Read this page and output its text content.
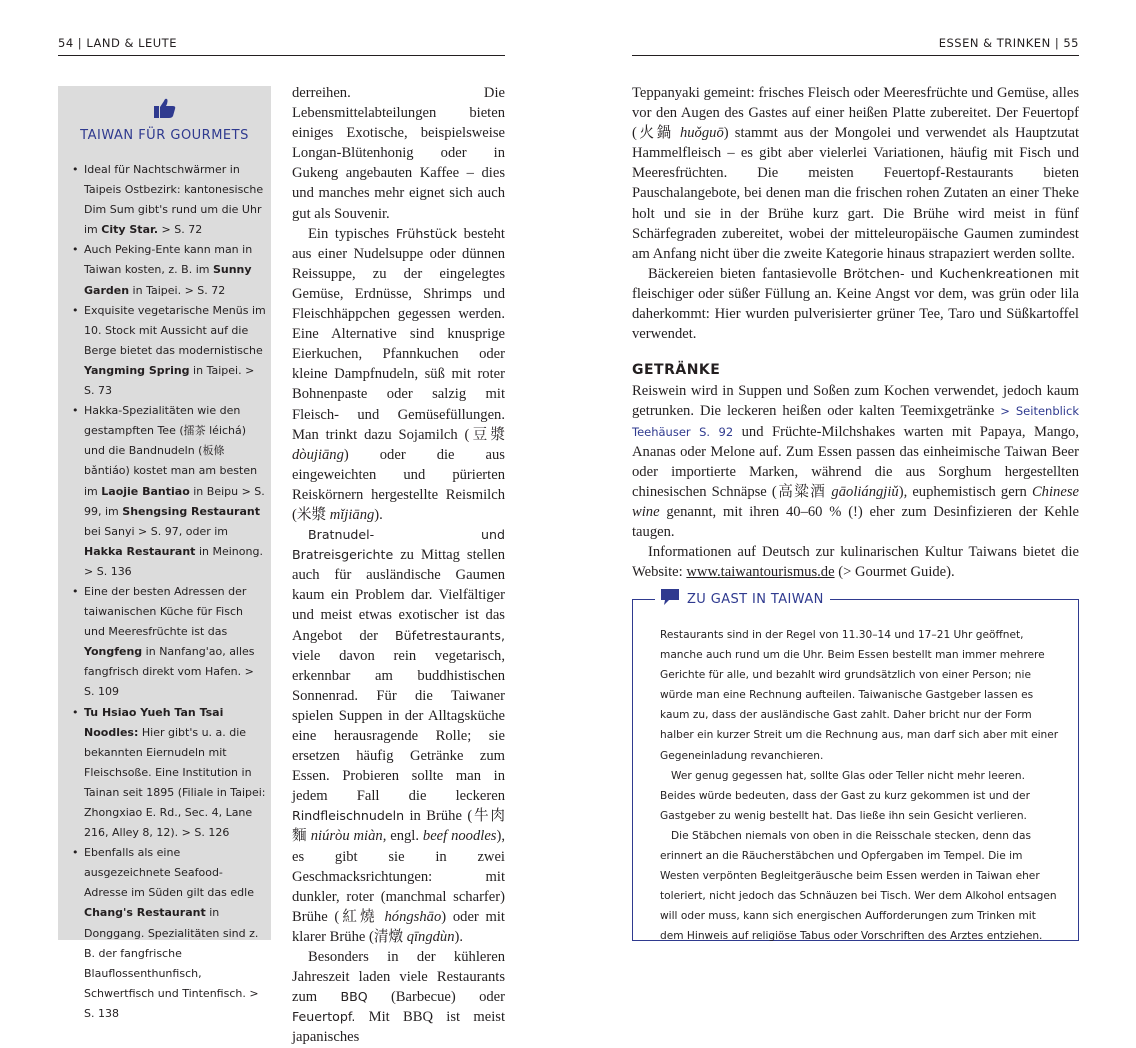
54 | LAND & LEUTE	ESSEN & TRINKEN | 55
TAIWAN FÜR GOURMETS
• Ideal für Nachtschwärmer in Taipeis Ostbezirk: kantonesische Dim Sum gibt's rund um die Uhr im City Star. > S. 72
• Auch Peking-Ente kann man in Taiwan kosten, z. B. im Sunny Garden in Taipei. > S. 72
• Exquisite vegetarische Menüs im 10. Stock mit Aussicht auf die Berge bietet das modernistische Yangming Spring in Taipei. > S. 73
• Hakka-Spezialitäten wie den gestampften Tee (擂茶 léichá) und die Bandnudeln (板條 bǎntiáo) kostet man am besten im Laojie Bantiao in Beipu > S. 99, im Shengsing Restaurant bei Sanyi > S. 97, oder im Hakka Restaurant in Meinong. > S. 136
• Eine der besten Adressen der taiwanischen Küche für Fisch und Meeresfrüchte ist das Yongfeng in Nanfang'ao, alles fangfrisch direkt vom Hafen. > S. 109
• Tu Hsiao Yueh Tan Tsai Noodles: Hier gibt's u. a. die bekannten Eiernudeln mit Fleischsoße. Eine Institution in Tainan seit 1895 (Filiale in Taipei: Zhongxiao E. Rd., Sec. 4, Lane 216, Alley 8, 12). > S. 126
• Ebenfalls als eine ausgezeichnete Seafood-Adresse im Süden gilt das edle Chang's Restaurant in Donggang. Spezialitäten sind z. B. der fangfrische Blauflossenthunfisch, Schwertfisch und Tintenfisch. > S. 138

derreihen. Die Lebensmittelabteilungen bieten einiges Exotische, beispielsweise Longan-Blütenhonig oder in Gukeng angebauten Kaffee – dies und manches mehr eignet sich auch gut als Souvenir.

Ein typisches Frühstück besteht aus einer Nudelsuppe oder dünnen Reissuppe, zu der eingelegtes Gemüse, Erdnüsse, Shrimps und Fleischhäppchen gegessen werden. Eine Alternative sind knusprige Eierkuchen, Pfannkuchen oder kleine Dampfnudeln, süß mit roter Bohnenpaste oder salzig mit Fleisch- und Gemüsefüllungen. Man trinkt dazu Sojamilch (豆漿 dòujiāng) oder die aus eingeweichten und pürierten Reiskörnern hergestellte Reismilch (米漿 mǐjiāng).

Bratnudel- und Bratreisgerichte zu Mittag stellen auch für ausländische Gaumen kaum ein Problem dar. Vielfältiger und meist etwas exotischer ist das Angebot der Büfetrestaurants, viele davon rein vegetarisch, erkennbar am buddhistischen Sonnenrad. Für die Taiwaner spielen Suppen in der Alltagsküche eine herausragende Rolle; sie ersetzen häufig Getränke zum Essen. Probieren sollte man in jedem Fall die leckeren Rindfleischnudeln in Brühe (牛肉麵 niúròu miàn, engl. beef noodles), es gibt sie in zwei Geschmacksrichtungen: mit dunkler, roter (manchmal scharfer) Brühe (紅燒 hóngshāo) oder mit klarer Brühe (清燉 qīngdùn).

Besonders in der kühleren Jahreszeit laden viele Restaurants zum BBQ (Barbecue) oder Feuertopf. Mit BBQ ist meist japanisches

Teppanyaki gemeint: frisches Fleisch oder Meeresfrüchte und Gemüse, alles vor den Augen des Gastes auf einer heißen Platte zubereitet. Der Feuertopf (火鍋 huǒguō) stammt aus der Mongolei und verwendet als Hauptzutat Hammelfleisch – es gibt aber vielerlei Variationen, häufig mit Fisch und Meeresfrüchten. Die meisten Feuertopf-Restaurants bieten Pauschalangebote, bei denen man die frischen rohen Zutaten an einer Theke holt und sie in der Brühe kurz gart. Die Brühe wird meist in fünf Schärfegraden zubereitet, wobei der mitteleuropäische Gaumen zumindest am Anfang nicht über die zweite Kategorie hinaus strapaziert werden sollte.

Bäckereien bieten fantasievolle Brötchen- und Kuchenkreationen mit fleischiger oder süßer Füllung an. Keine Angst vor dem, was grün oder lila daherkommt: Hier wurden pulverisierter grüner Tee, Taro und Süßkartoffel verwendet.

GETRÄNKE

Reiswein wird in Suppen und Soßen zum Kochen verwendet, jedoch kaum getrunken. Die leckeren heißen oder kalten Teemixgetränke > Seitenblick Teehäuser S. 92 und Früchte-Milchshakes warten mit Papaya, Mango, Ananas oder Melone auf. Zum Essen passen das einheimische Taiwan Beer oder importierte Marken, während die aus Sorghum hergestellten chinesischen Schnäpse (高粱酒 gāoliángjiǔ), euphemistisch gern Chinese wine genannt, mit ihren 40–60 % (!) eher zum Desinfizieren der Kehle taugen.

Informationen auf Deutsch zur kulinarischen Kultur Taiwans bietet die Website: www.taiwantourismus.de (> Gourmet Guide).

ZU GAST IN TAIWAN

Restaurants sind in der Regel von 11.30–14 und 17–21 Uhr geöffnet, manche auch rund um die Uhr. Beim Essen bestellt man immer mehrere Gerichte für alle, und bezahlt wird grundsätzlich von einer Person; nie würde man eine Rechnung aufteilen. Taiwanische Gastgeber lassen es kaum zu, dass der ausländische Gast zahlt. Daher bricht nur der Form halber ein kurzer Streit um die Rechnung aus, man darf sich aber mit einer Gegeneinladung revanchieren.

Wer genug gegessen hat, sollte Glas oder Teller nicht mehr leeren. Beides würde bedeuten, dass der Gast zu kurz gekommen ist und der Gastgeber zu wenig bestellt hat. Das ließe ihn sein Gesicht verlieren.

Die Stäbchen niemals von oben in die Reisschale stecken, denn das erinnert an die Räucherstäbchen und Opfergaben im Tempel. Die im Westen verpönten Begleitgeräusche beim Essen werden in Taiwan eher toleriert, nicht jedoch das Schnäuzen bei Tisch. Wer dem Alkohol entsagen will oder muss, kann sich energischen Aufforderungen zum Trinken mit dem Hinweis auf religiöse Tabus oder Vorschriften des Arztes entziehen.
